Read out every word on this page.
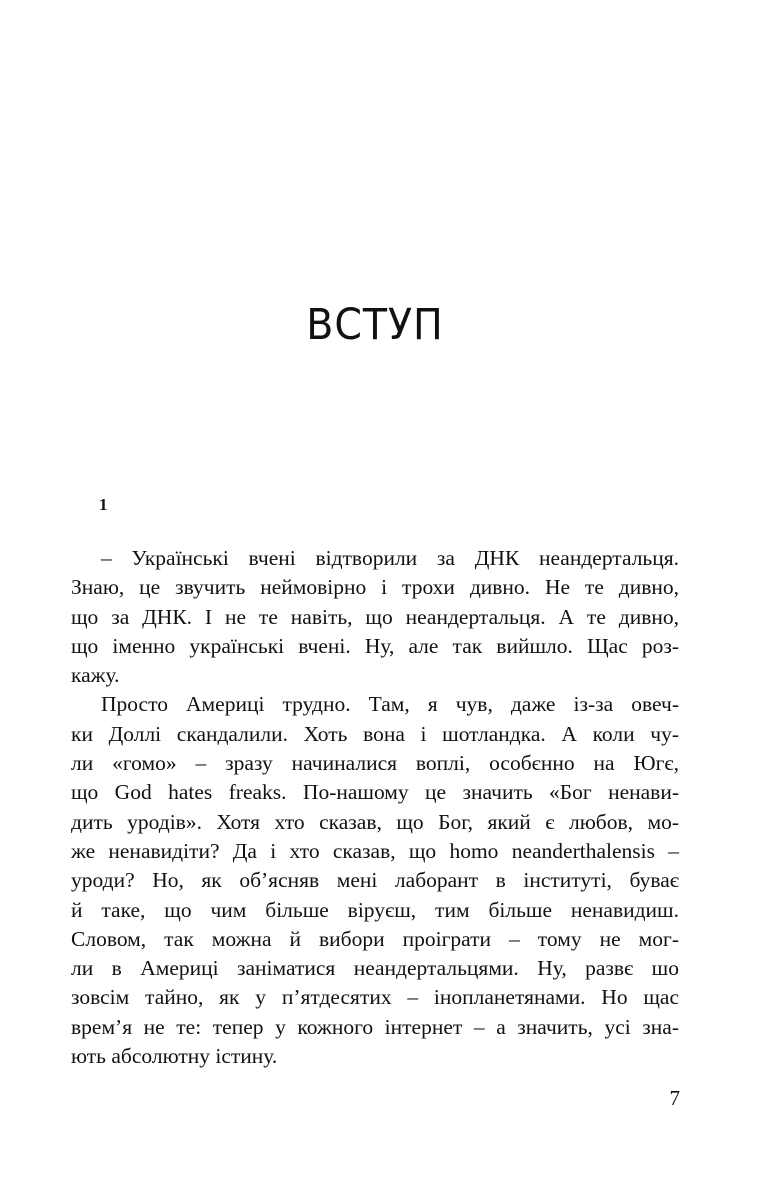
ВСТУП
1
– Українські вчені відтворили за ДНК неандертальця.
Знаю, це звучить неймовірно і трохи дивно. Не те дивно,
що за ДНК. І не те навіть, що неандертальця. А те дивно,
що іменно українські вчені. Ну, але так вийшло. Щас роз-
кажу.
Просто Америці трудно. Там, я чув, даже із-за овеч-
ки Доллі скандалили. Хоть вона і шотландка. А коли чу-
ли «гомо» – зразу начиналися воплі, особєнно на Югє,
що God hates freaks. По-нашому це значить «Бог ненави-
дить уродів». Хотя хто сказав, що Бог, який є любов, мо-
же ненавидіти? Да і хто сказав, що homo neanderthalensis –
уроди? Но, як об’ясняв мені лаборант в інституті, буває
й таке, що чим більше віруєш, тим більше ненавидиш.
Словом, так можна й вибори проіграти – тому не мог-
ли в Америці заніматися неандертальцями. Ну, развє шо
зовсім тайно, як у п’ятдесятих – інопланетянами. Но щас
врем’я не те: тепер у кожного інтернет – а значить, усі зна-
ють абсолютну істину.
7
